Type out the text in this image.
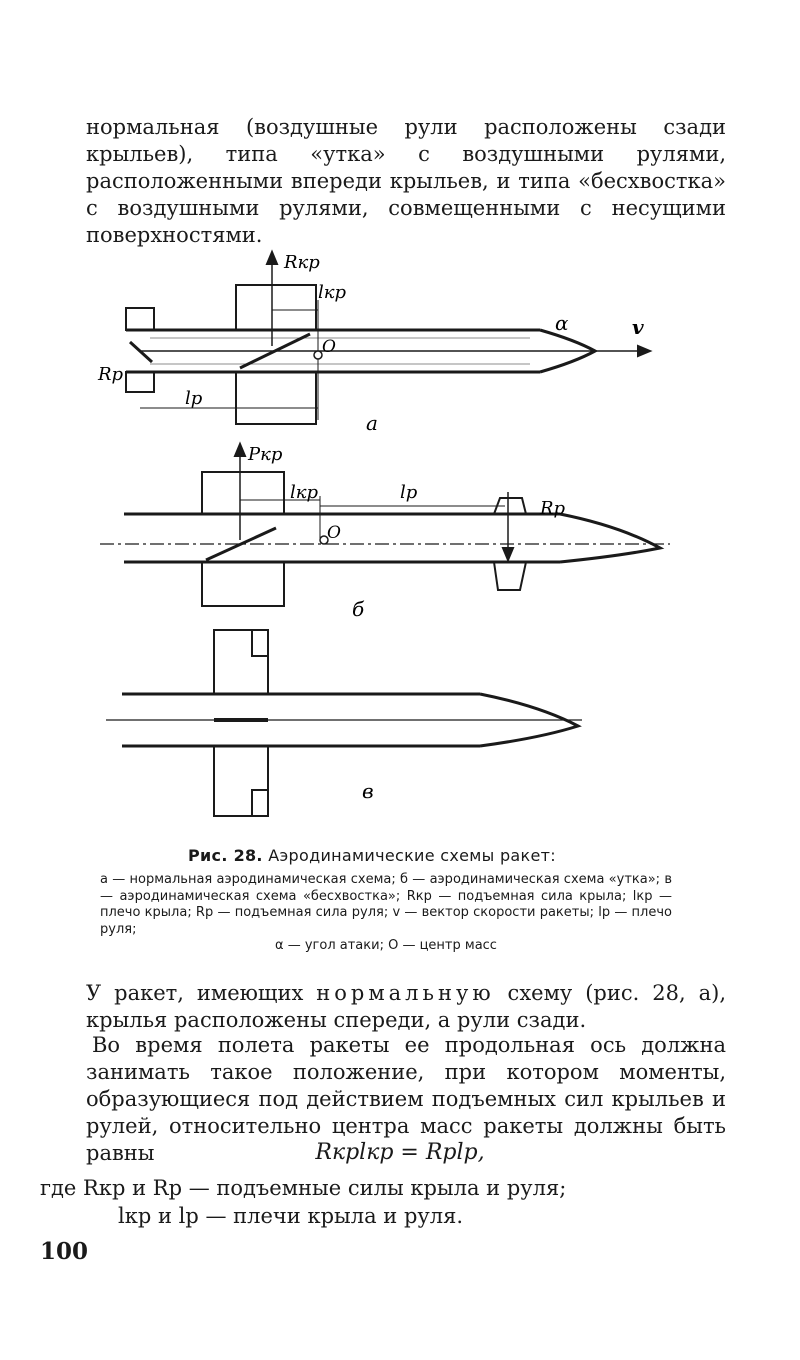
нормальная (воздушные рули расположены сзади крыльев), типа «утка» с воздушными рулями, расположенными впереди крыльев, и типа «бесхвостка» с воздушными рулями, совмещенными с несущими поверхностями.
Rкр
lкр
O
α	v
Rр
lр
а
Pкр
lкр	lр
Rр
O
б
в
Рис. 28. Аэродинамические схемы ракет:
а — нормальная аэродинамическая схема; б — аэродинамическая схема «утка»; в — аэродинамическая схема «бесхвостка»; Rкр — подъемная сила крыла; lкр — плечо крыла; Rр — подъемная сила руля; v — вектор скорости ракеты; lр — плечо руля;
α — угол атаки; O — центр масс
У ракет, имеющих нормальную схему (рис. 28, а), крылья расположены спереди, а рули сзади.
Во время полета ракеты ее продольная ось должна занимать такое положение, при котором моменты, образующиеся под действием подъемных сил крыльев и рулей, относительно центра масс ракеты должны быть равны	Rкрlкр = Rрlр,
где Rкр и Rр — подъемные силы крыла и руля;
lкр и lр — плечи крыла и руля.
100
